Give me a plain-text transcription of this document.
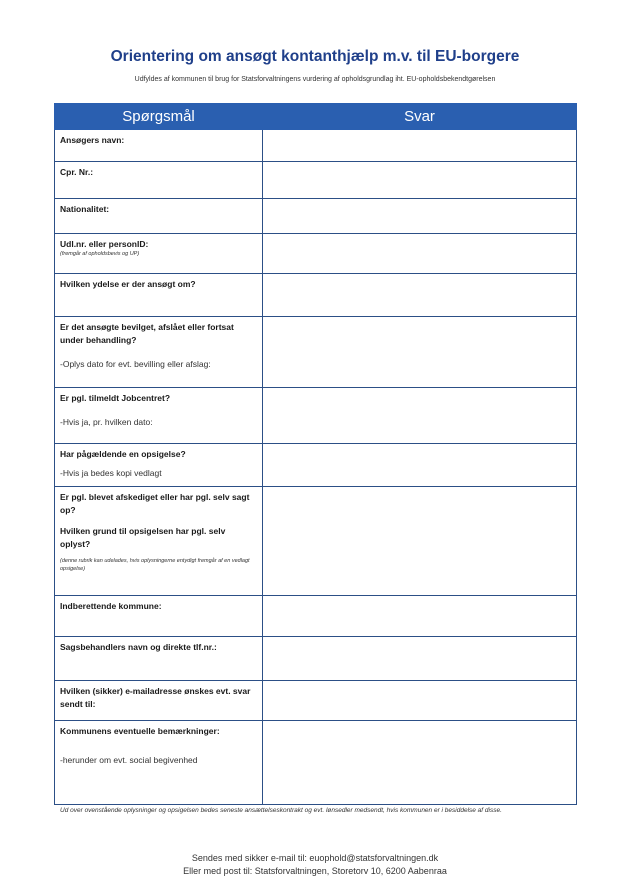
Orientering om ansøgt kontanthjælp m.v. til EU-borgere
Udfyldes af kommunen til brug for Statsforvaltningens vurdering af opholdsgrundlag iht. EU-opholdsbekendtgørelsen
Spørgsmål	Svar

Ansøgers navn:	

Cpr. Nr.:	

Nationalitet:	

Udl.nr. eller personID:
(fremgår af opholdsbevis og UP)	

Hvilken ydelse er der ansøgt om?	

Er det ansøgte bevilget, afslået eller fortsat under behandling?
-Oplys dato for evt. bevilling eller afslag:	

Er pgl. tilmeldt Jobcentret?
-Hvis ja, pr. hvilken dato:	

Har pågældende en opsigelse?
-Hvis ja bedes kopi vedlagt	

Er pgl. blevet afskediget eller har pgl. selv sagt op?
Hvilken grund til opsigelsen har pgl. selv oplyst?
(denne rubrik kan udelades, hvis oplysningerne entydigt fremgår af en vedlagt opsigelse)	

Indberettende kommune:	

Sagsbehandlers navn og direkte tlf.nr.:	

Hvilken (sikker) e-mailadresse ønskes evt. svar sendt til:	

Kommunens eventuelle bemærkninger:
-herunder om evt. social begivenhed	

Ud over ovenstående oplysninger og opsigelsen bedes seneste ansættelseskontrakt og evt. lønsedler medsendt, hvis kommunen er i besiddelse af disse.
Sendes med sikker e-mail til: euophold@statsforvaltningen.dk
Eller med post til: Statsforvaltningen, Storetorv 10, 6200 Aabenraa
